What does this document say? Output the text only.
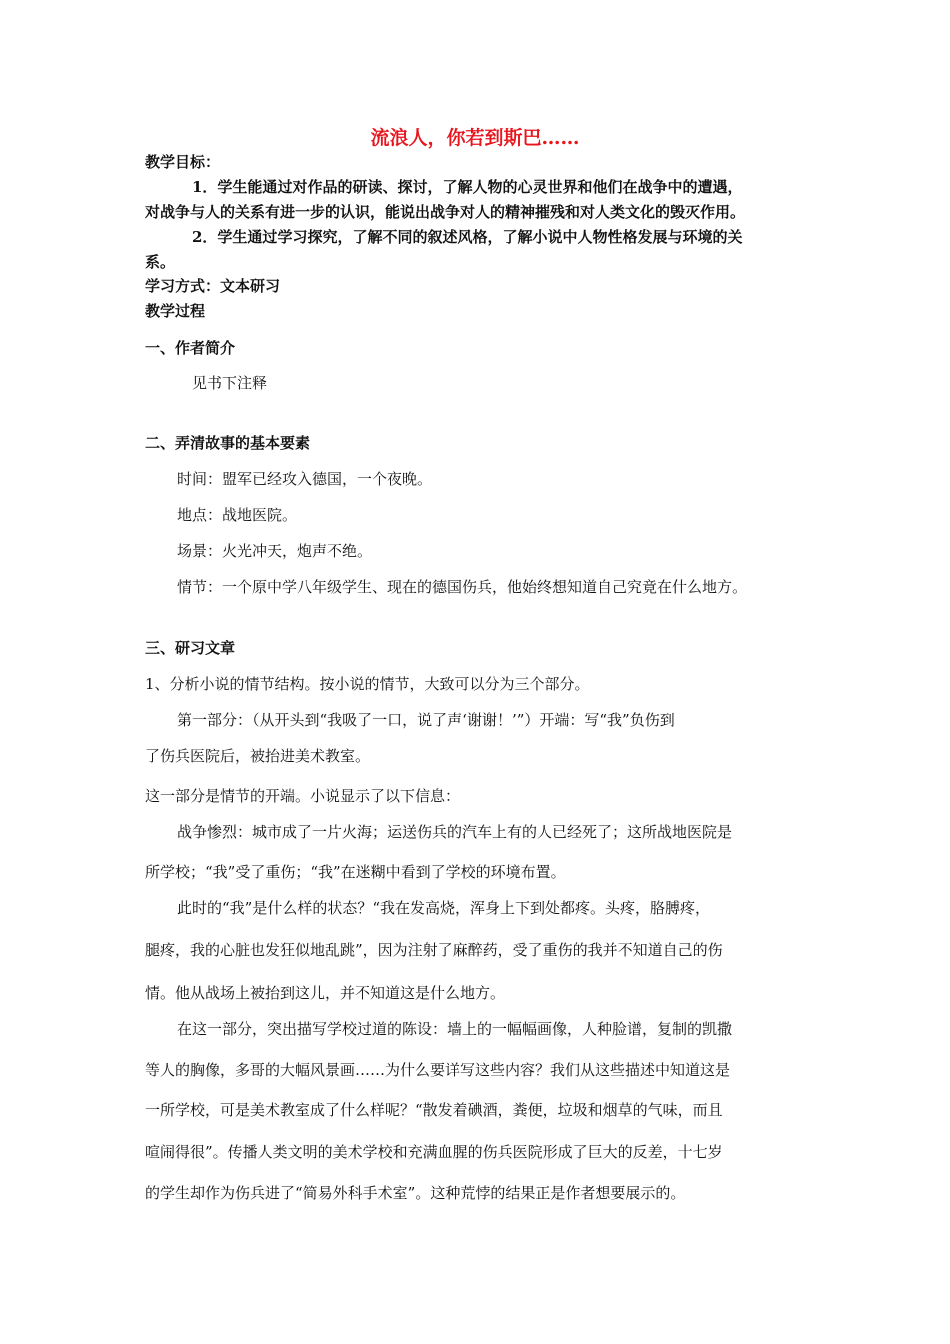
流浪人，你若到斯巴……
教学目标：
1．学生能通过对作品的研读、探讨，了解人物的心灵世界和他们在战争中的遭遇，
对战争与人的关系有进一步的认识，能说出战争对人的精神摧残和对人类文化的毁灭作用。
2．学生通过学习探究，了解不同的叙述风格，了解小说中人物性格发展与环境的关
系。
学习方式：文本研习
教学过程
一、作者简介
见书下注释
二、弄清故事的基本要素
时间：盟军已经攻入德国，一个夜晚。
地点：战地医院。
场景：火光冲天，炮声不绝。
情节：一个原中学八年级学生、现在的德国伤兵，他始终想知道自己究竟在什么地方。
三、研习文章
1、分析小说的情节结构。按小说的情节，大致可以分为三个部分。
第一部分：（从开头到“我吸了一口，说了声‘谢谢！’”）开端：写“我”负伤到
了伤兵医院后，被抬进美术教室。
这一部分是情节的开端。小说显示了以下信息：
战争惨烈：城市成了一片火海；运送伤兵的汽车上有的人已经死了；这所战地医院是
所学校；“我”受了重伤；“我”在迷糊中看到了学校的环境布置。
此时的“我”是什么样的状态？“我在发高烧，浑身上下到处都疼。头疼，胳膊疼，
腿疼，我的心脏也发狂似地乱跳”，因为注射了麻醉药，受了重伤的我并不知道自己的伤
情。他从战场上被抬到这儿，并不知道这是什么地方。
在这一部分，突出描写学校过道的陈设：墙上的一幅幅画像，人种脸谱，复制的凯撒
等人的胸像，多哥的大幅风景画……为什么要详写这些内容？我们从这些描述中知道这是
一所学校，可是美术教室成了什么样呢？“散发着碘酒，粪便，垃圾和烟草的气味，而且
喧闹得很”。传播人类文明的美术学校和充满血腥的伤兵医院形成了巨大的反差，十七岁
的学生却作为伤兵进了“简易外科手术室”。这种荒悖的结果正是作者想要展示的。
